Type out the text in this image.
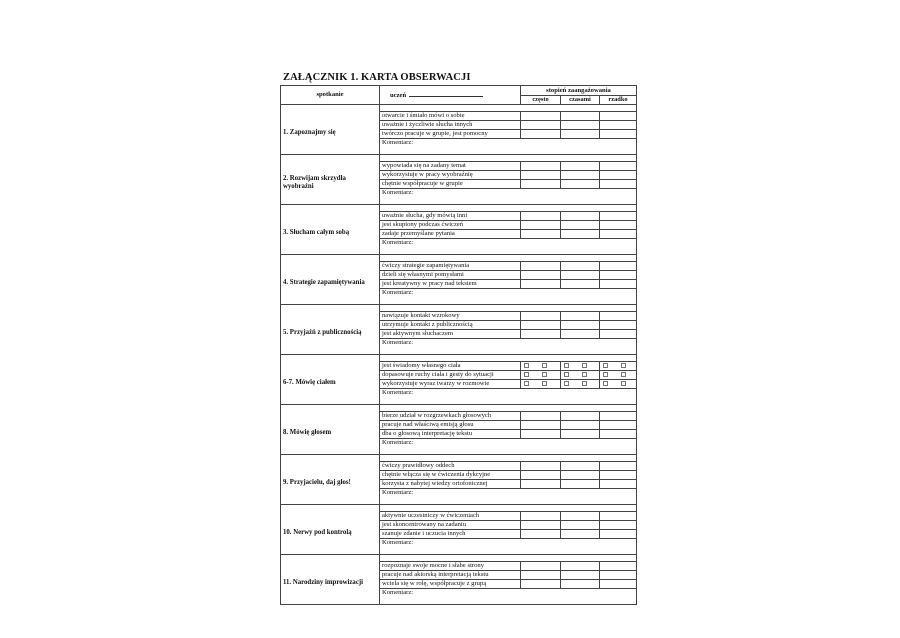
ZAŁĄCZNIK 1. KARTA OBSERWACJI
spotkanie	uczeń	stopień zaangażowania		
		często	czasami	rzadko

1. Zapoznajmy się	otwarcie i śmiało mówi o sobie			
	uważnie i życzliwie słucha innych			
	twórczo pracuje w grupie, jest pomocny			
	Komentarz:			

2. Rozwijam skrzydła wyobraźni	wypowiada się na zadany temat			
	wykorzystuje w pracy wyobraźnię			
	chętnie współpracuje w grupie			
	Komentarz:			

3. Słucham całym sobą	uważnie słucha, gdy mówią inni			
	jest skupiony podczas ćwiczeń			
	zadaje przemyślane pytania			
	Komentarz:			

4. Strategie zapamiętywania	ćwiczy strategie zapamiętywania			
	dzieli się własnymi pomysłami			
	jest kreatywny w pracy nad tekstem			
	Komentarz:			

5. Przyjaźń z publicznością	nawiązuje kontakt wzrokowy			
	utrzymuje kontakt z publicznością			
	jest aktywnym słuchaczem			
	Komentarz:			

6-7. Mówię ciałem	jest świadomy własnego ciała			
	dopasowuje ruchy ciała i gesty do sytuacji			
	wykorzystuje wyraz twarzy w rozmowie			
	Komentarz:			

8. Mówię głosem	bierze udział w rozgrzewkach głosowych			
	pracuje nad właściwą emisją głosu			
	dba o głosową interpretację tekstu			
	Komentarz:			

9. Przyjacielu, daj głos!	ćwiczy prawidłowy oddech			
	chętnie włącza się w ćwiczenia dykcyjne			
	korzysta z nabytej wiedzy ortofonicznej			
	Komentarz:			

10. Nerwy pod kontrolą	aktywnie uczestniczy w ćwiczeniach			
	jest skoncentrowany na zadaniu			
	szanuje zdanie i uczucia innych			
	Komentarz:			

11. Narodziny improwizacji	rozpoznaje swoje mocne i słabe strony			
	pracuje nad aktorską interpretacją tekstu			
	wciela się w rolę, współpracuje z grupą			
	Komentarz:			
